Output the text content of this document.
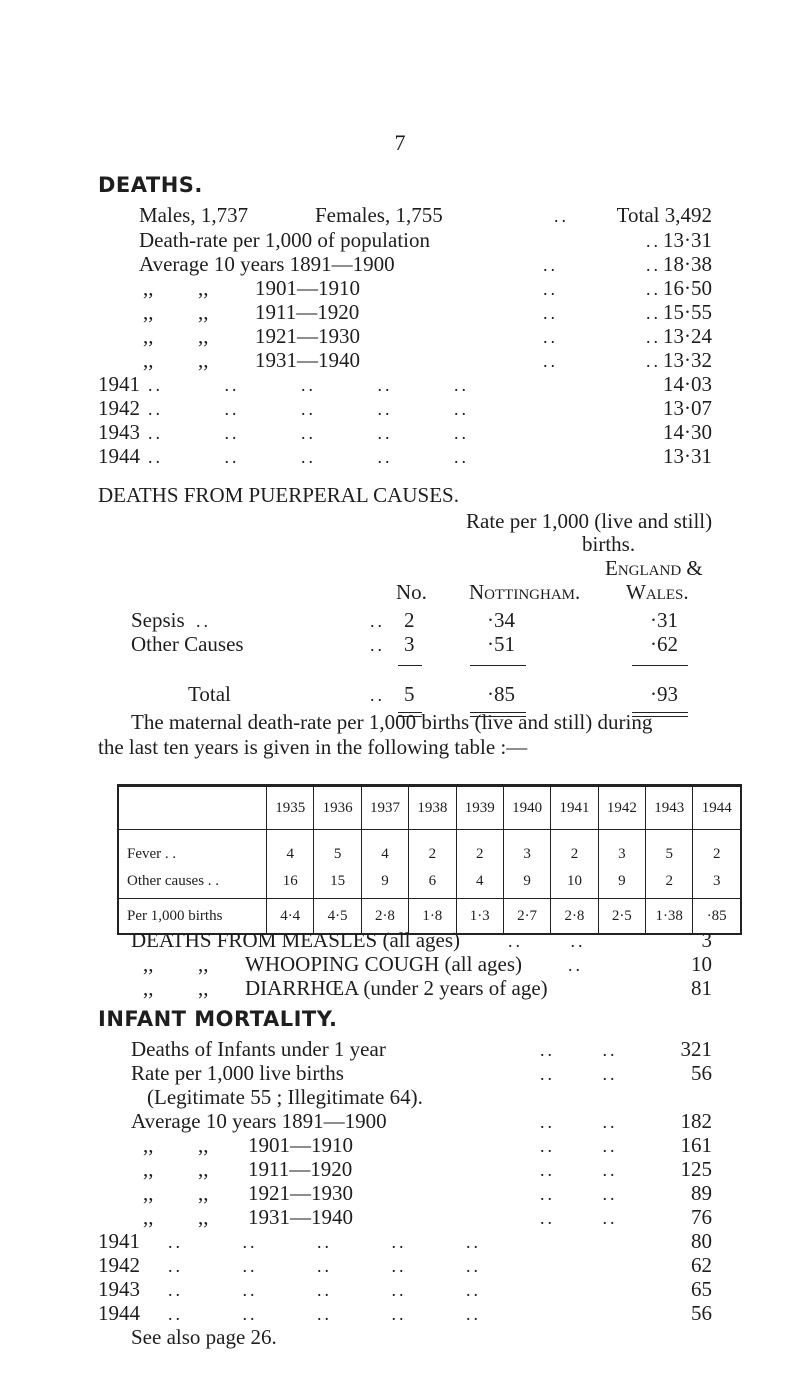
7
DEATHS.
Males, 1,737	Females, 1,755	..	Total 3,492
Death-rate per 1,000 of population	.. 13·31
Average 10 years 1891—1900	..	.. 18·38
,, ,, 1901—1910	..	.. 16·50
,, ,, 1911—1920	..	.. 15·55
,, ,, 1921—1930	..	.. 13·24
,, ,, 1931—1940	..	.. 13·32
1941 .. .. .. .. ..	14·03
1942 .. .. .. .. ..	13·07
1943 .. .. .. .. ..	14·30
1944 .. .. .. .. ..	13·31
DEATHS FROM PUERPERAL CAUSES.
Rate per 1,000 (live and still)
births.
England &
No. Nottingham. Wales.
Sepsis ..	.. 2	·34	·31
Other Causes	.. 3	·51	·62
Total	.. 5	·85	·93
The maternal death-rate per 1,000 births (live and still) during
the last ten years is given in the following table :—
	1935	1936	1937	1938	1939	1940	1941	1942	1943	1944
Fever . .	4	5	4	2	2	3	2	3	5	2
Other causes . .	16	15	9	6	4	9	10	9	2	3
Per 1,000 births	4·4	4·5	2·8	1·8	1·3	2·7	2·8	2·5	1·38	·85
DEATHS FROM MEASLES (all ages)	.. ..	3
,, ,, WHOOPING COUGH (all ages)	..	10
,, ,, DIARRHŒA (under 2 years of age)	81
INFANT MORTALITY.
Deaths of Infants under 1 year	.. ..	321
Rate per 1,000 live births	.. ..	56
(Legitimate 55 ; Illegitimate 64).
Average 10 years 1891—1900	.. ..	182
,, ,, 1901—1910	.. ..	161
,, ,, 1911—1920	.. ..	125
,, ,, 1921—1930	.. ..	89
,, ,, 1931—1940	.. ..	76
1941 .. .. .. .. ..	80
1942 .. .. .. .. ..	62
1943 .. .. .. .. ..	65
1944 .. .. .. .. ..	56
See also page 26.
